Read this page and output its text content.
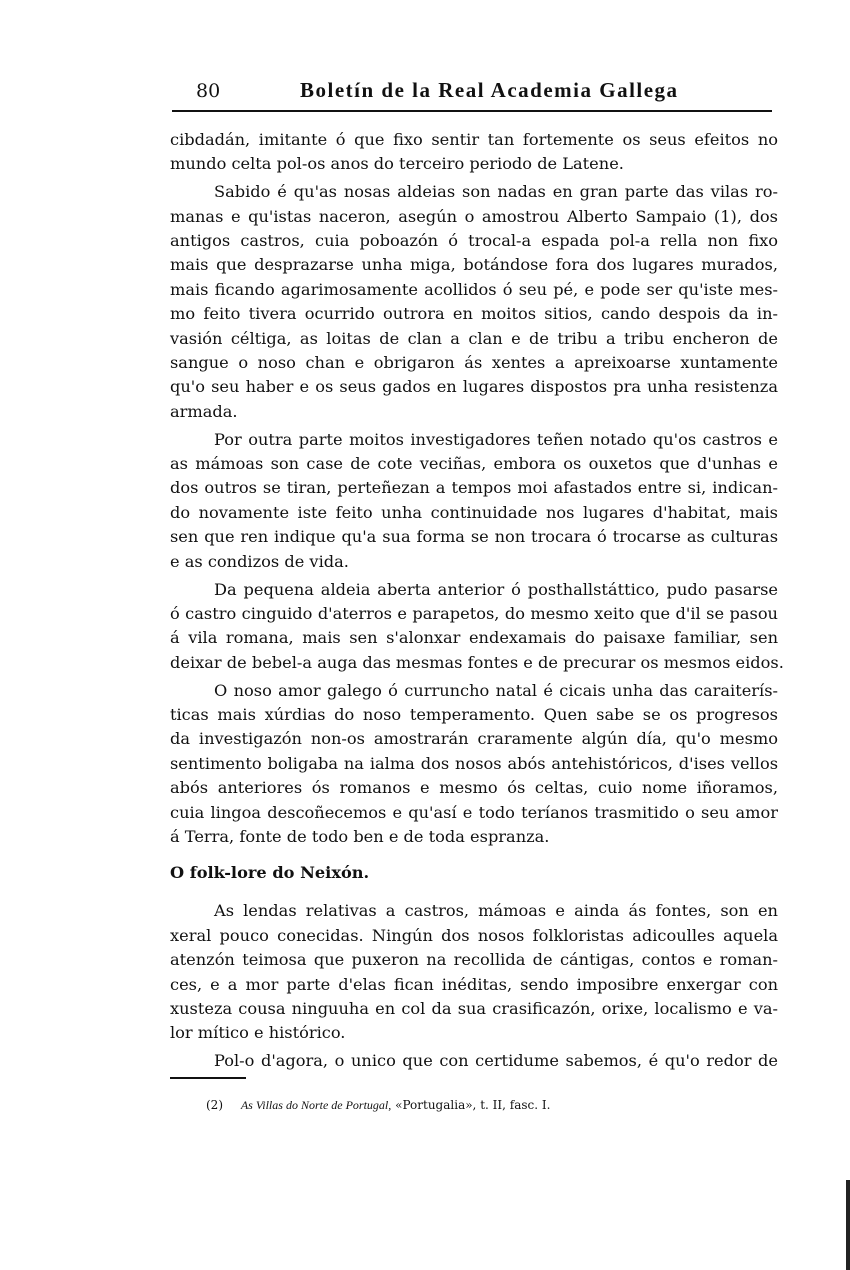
80	Boletín de la Real Academia Gallega
cibdadán, imitante ó que fixo sentir tan fortemente os seus efeitos no
mundo celta pol-os anos do terceiro periodo de Latene.
Sabido é qu'as nosas aldeias son nadas en gran parte das vilas ro-
manas e qu'istas naceron, asegún o amostrou Alberto Sampaio (1), dos
antigos castros, cuia poboazón ó trocal-a espada pol-a rella non fixo
mais que desprazarse unha miga, botándose fora dos lugares murados,
mais ficando agarimosamente acollidos ó seu pé, e pode ser qu'iste mes-
mo feito tivera ocurrido outrora en moitos sitios, cando despois da in-
vasión céltiga, as loitas de clan a clan e de tribu a tribu encheron de
sangue o noso chan e obrigaron ás xentes a apreixoarse xuntamente
qu'o seu haber e os seus gados en lugares dispostos pra unha resistenza
armada.
Por outra parte moitos investigadores teñen notado qu'os castros e
as mámoas son case de cote veciñas, embora os ouxetos que d'unhas e
dos outros se tiran, perteñezan a tempos moi afastados entre si, indican-
do novamente iste feito unha continuidade nos lugares d'habitat, mais
sen que ren indique qu'a sua forma se non trocara ó trocarse as culturas
e as condizos de vida.
Da pequena aldeia aberta anterior ó posthallstáttico, pudo pasarse
ó castro cinguido d'aterros e parapetos, do mesmo xeito que d'il se pasou
á vila romana, mais sen s'alonxar endexamais do paisaxe familiar, sen
deixar de bebel-a auga das mesmas fontes e de precurar os mesmos eidos.
O noso amor galego ó curruncho natal é cicais unha das caraiterís-
ticas mais xúrdias do noso temperamento. Quen sabe se os progresos
da investigazón non-os amostrarán craramente algún día, qu'o mesmo
sentimento boligaba na ialma dos nosos abós antehistóricos, d'ises vellos
abós anteriores ós romanos e mesmo ós celtas, cuio nome iñoramos,
cuia lingoa descoñecemos e qu'así e todo teríanos trasmitido o seu amor
á Terra, fonte de todo ben e de toda espranza.
O folk-lore do Neixón.
As lendas relativas a castros, mámoas e ainda ás fontes, son en
xeral pouco conecidas. Ningún dos nosos folkloristas adicoulles aquela
atenzón teimosa que puxeron na recollida de cántigas, contos e roman-
ces, e a mor parte d'elas fican inéditas, sendo imposibre enxergar con
xusteza cousa ninguuha en col da sua crasificazón, orixe, localismo e va-
lor mítico e histórico.
Pol-o d'agora, o unico que con certidume sabemos, é qu'o redor de
(2) As Villas do Norte de Portugal, «Portugalia», t. II, fasc. I.
